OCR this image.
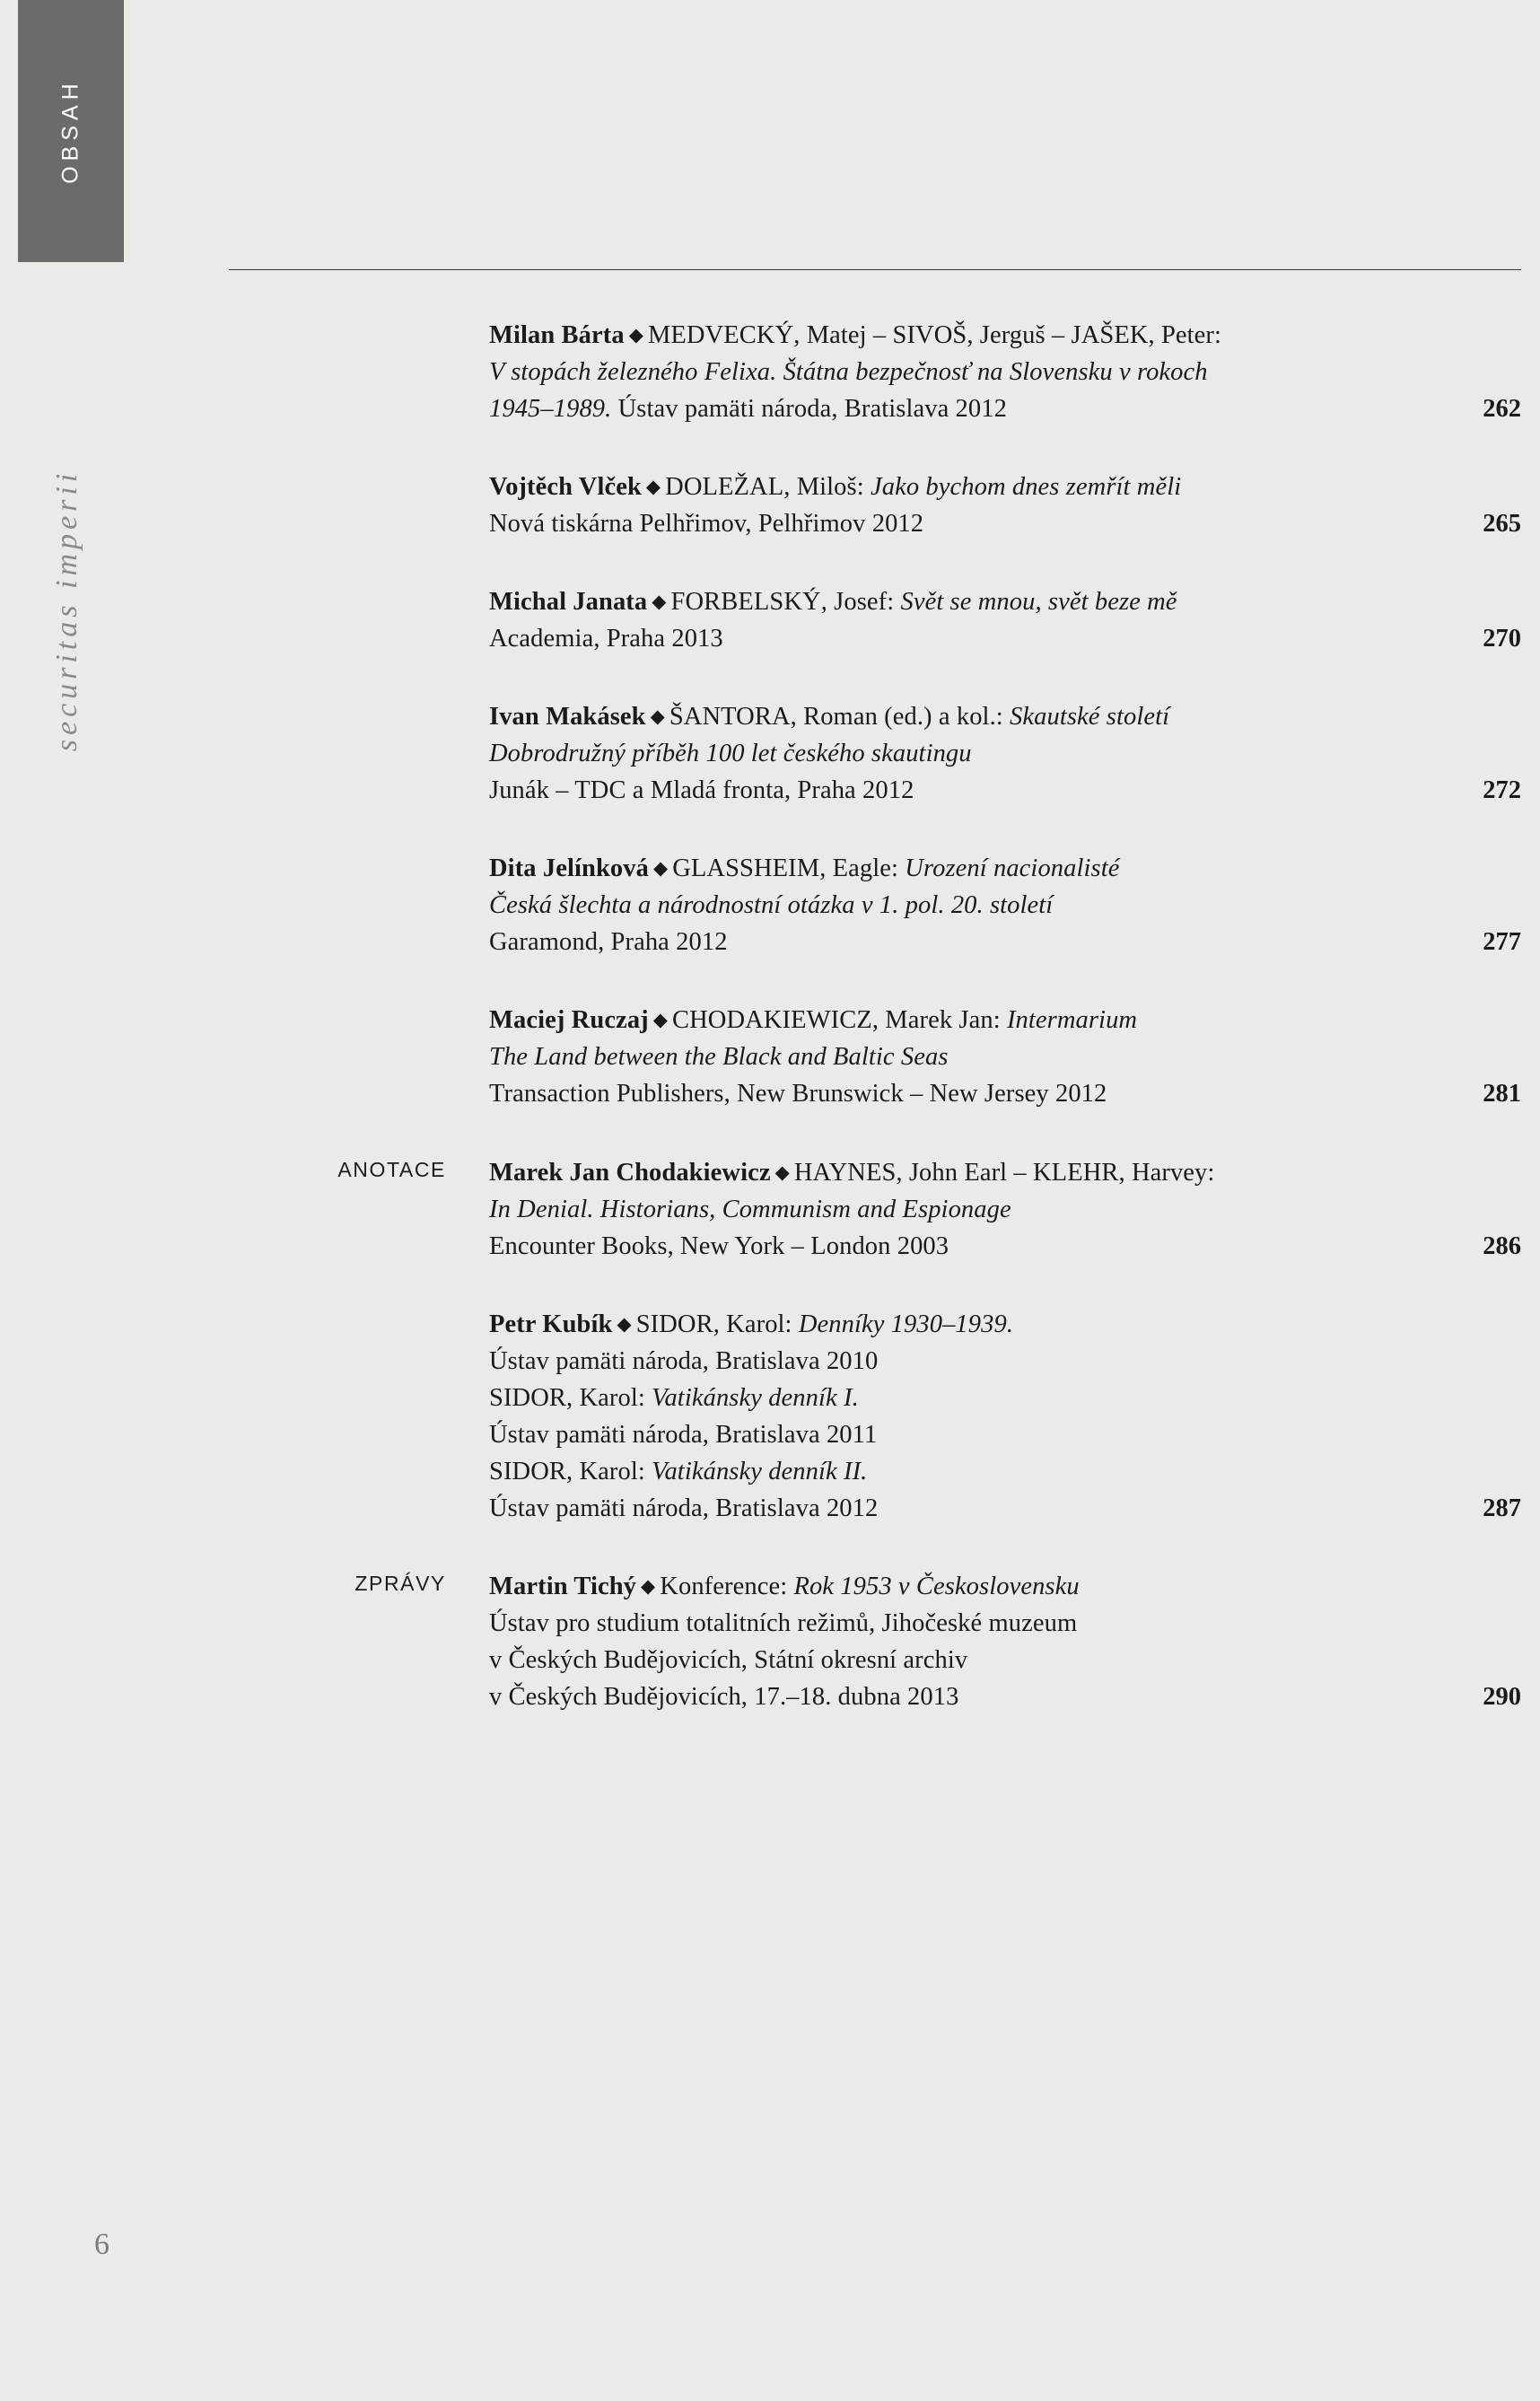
OBSAH
securitas imperii
6
Milan Bárta ◆ MEDVECKÝ, Matej – SIVOŠ, Jerguš – JAŠEK, Peter:
V stopách železného Felixa. Štátna bezpečnosť na Slovensku v rokoch
1945–1989. Ústav pamäti národa, Bratislava 2012	262
Vojtěch Vlček ◆ DOLEŽAL, Miloš: Jako bychom dnes zemřít měli
Nová tiskárna Pelhřimov, Pelhřimov 2012	265
Michal Janata ◆ FORBELSKÝ, Josef: Svět se mnou, svět beze mě
Academia, Praha 2013	270
Ivan Makásek ◆ ŠANTORA, Roman (ed.) a kol.: Skautské století
Dobrodružný příběh 100 let českého skautingu
Junák – TDC a Mladá fronta, Praha 2012	272
Dita Jelínková ◆ GLASSHEIM, Eagle: Urození nacionalisté
Česká šlechta a národnostní otázka v 1. pol. 20. století
Garamond, Praha 2012	277
Maciej Ruczaj ◆ CHODAKIEWICZ, Marek Jan: Intermarium
The Land between the Black and Baltic Seas
Transaction Publishers, New Brunswick – New Jersey 2012	281
ANOTACE	Marek Jan Chodakiewicz ◆ HAYNES, John Earl – KLEHR, Harvey:
In Denial. Historians, Communism and Espionage
Encounter Books, New York – London 2003	286
Petr Kubík ◆ SIDOR, Karol: Denníky 1930–1939.
Ústav pamäti národa, Bratislava 2010
SIDOR, Karol: Vatikánsky denník I.
Ústav pamäti národa, Bratislava 2011
SIDOR, Karol: Vatikánsky denník II.
Ústav pamäti národa, Bratislava 2012	287
ZPRÁVY	Martin Tichý ◆ Konference: Rok 1953 v Československu
Ústav pro studium totalitních režimů, Jihočeské muzeum
v Českých Budějovicích, Státní okresní archiv
v Českých Budějovicích, 17.–18. dubna 2013	290
